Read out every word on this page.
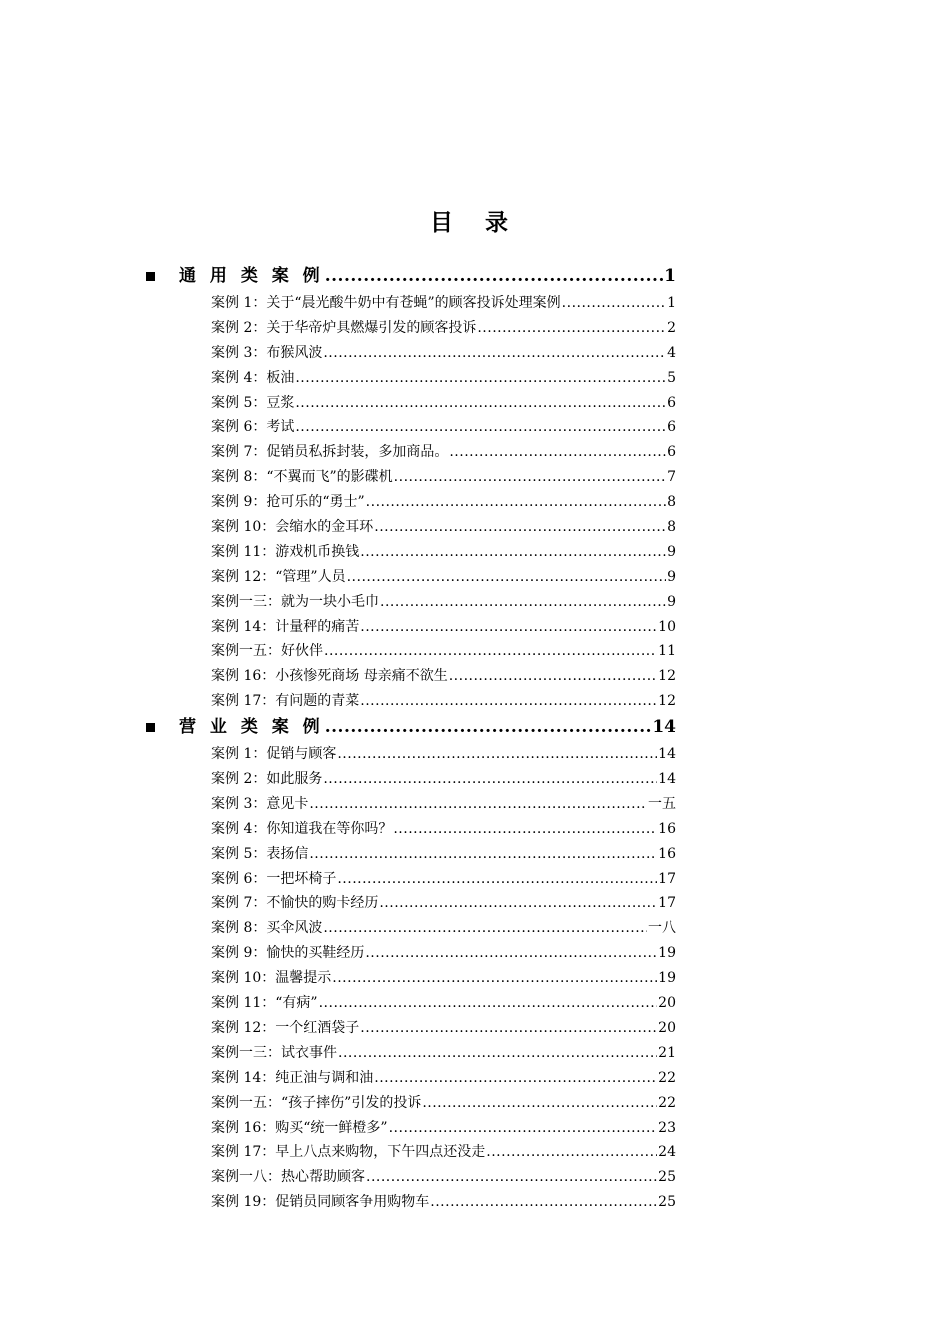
目 录
通 用 类 案 例 .....	1
案例 1：关于“晨光酸牛奶中有苍蝇”的顾客投诉处理案例 .....	1
案例 2：关于华帝炉具燃爆引发的顾客投诉 .....	2
案例 3：布猴风波 .....	4
案例 4：板油 .....	5
案例 5：豆浆 .....	6
案例 6：考试 .....	6
案例 7：促销员私拆封装，多加商品。 .....	6
案例 8：“不翼而飞”的影碟机 .....	7
案例 9：抢可乐的“勇士” .....	8
案例 10：会缩水的金耳环 .....	8
案例 11：游戏机币换钱 .....	9
案例 12：“管理”人员 .....	9
案例一三：就为一块小毛巾 .....	9
案例 14：计量秤的痛苦 .....	10
案例一五：好伙伴 .....	11
案例 16：小孩惨死商场 母亲痛不欲生 .....	12
案例 17：有问题的青菜 .....	12
营 业 类 案 例 .....	14
案例 1：促销与顾客 .....	14
案例 2：如此服务 .....	14
案例 3：意见卡 .....	一五
案例 4：你知道我在等你吗？ .....	16
案例 5：表扬信 .....	16
案例 6：一把坏椅子 .....	17
案例 7：不愉快的购卡经历 .....	17
案例 8：买伞风波 .....	一八
案例 9：愉快的买鞋经历 .....	19
案例 10：温馨提示 .....	19
案例 11：“有病” .....	20
案例 12：一个红酒袋子 .....	20
案例一三：试衣事件 .....	21
案例 14：纯正油与调和油 .....	22
案例一五：“孩子摔伤”引发的投诉 .....	22
案例 16：购买“统一鲜橙多” .....	23
案例 17：早上八点来购物，下午四点还没走 .....	24
案例一八：热心帮助顾客 .....	25
案例 19：促销员同顾客争用购物车 .....	25
